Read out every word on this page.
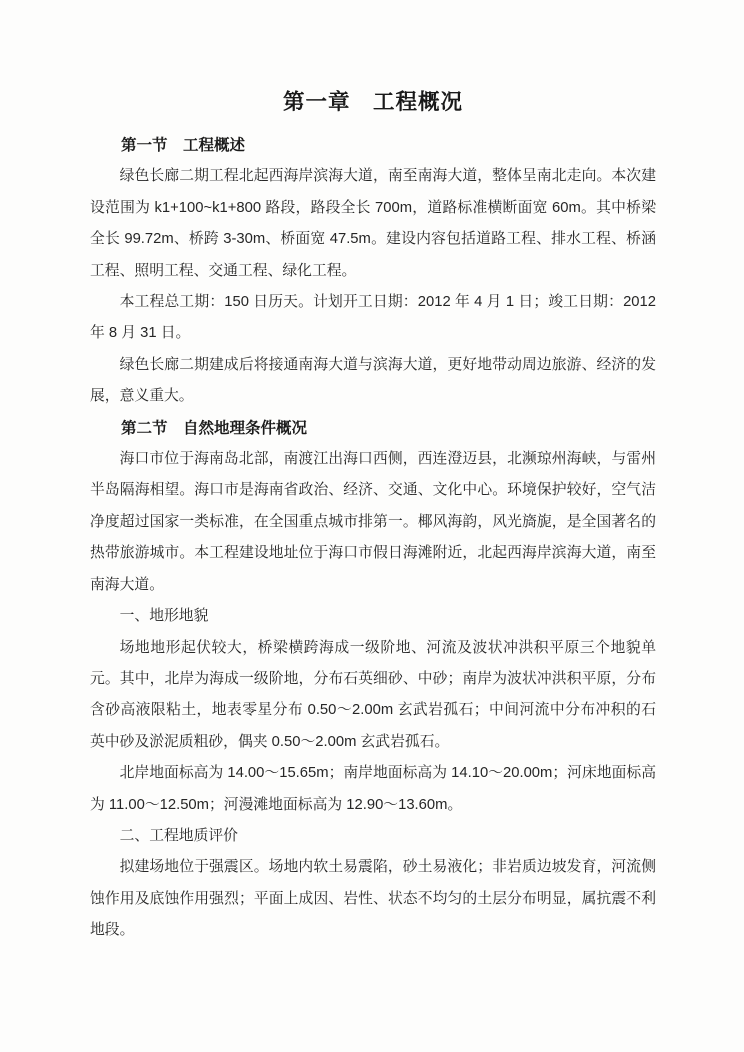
第一章　工程概况
第一节　工程概述

绿色长廊二期工程北起西海岸滨海大道，南至南海大道，整体呈南北走向。本次建设范围为 k1+100~k1+800 路段，路段全长 700m，道路标准横断面宽 60m。其中桥梁全长 99.72m、桥跨 3-30m、桥面宽 47.5m。建设内容包括道路工程、排水工程、桥涵工程、照明工程、交通工程、绿化工程。

本工程总工期：150 日历天。计划开工日期：2012 年 4 月 1 日；竣工日期：2012 年 8 月 31 日。

绿色长廊二期建成后将接通南海大道与滨海大道，更好地带动周边旅游、经济的发展，意义重大。

第二节　自然地理条件概况

海口市位于海南岛北部，南渡江出海口西侧，西连澄迈县，北濒琼州海峡，与雷州半岛隔海相望。海口市是海南省政治、经济、交通、文化中心。环境保护较好，空气洁净度超过国家一类标准，在全国重点城市排第一。椰风海韵，风光旖旎，是全国著名的热带旅游城市。本工程建设地址位于海口市假日海滩附近，北起西海岸滨海大道，南至南海大道。

一、地形地貌

场地地形起伏较大，桥梁横跨海成一级阶地、河流及波状冲洪积平原三个地貌单元。其中，北岸为海成一级阶地，分布石英细砂、中砂；南岸为波状冲洪积平原，分布含砂高液限粘土，地表零星分布 0.50～2.00m 玄武岩孤石；中间河流中分布冲积的石英中砂及淤泥质粗砂，偶夹 0.50～2.00m 玄武岩孤石。

北岸地面标高为 14.00～15.65m；南岸地面标高为 14.10～20.00m；河床地面标高为 11.00～12.50m；河漫滩地面标高为 12.90～13.60m。

二、工程地质评价

拟建场地位于强震区。场地内软土易震陷，砂土易液化；非岩质边坡发育，河流侧蚀作用及底蚀作用强烈；平面上成因、岩性、状态不均匀的土层分布明显，属抗震不利地段。
